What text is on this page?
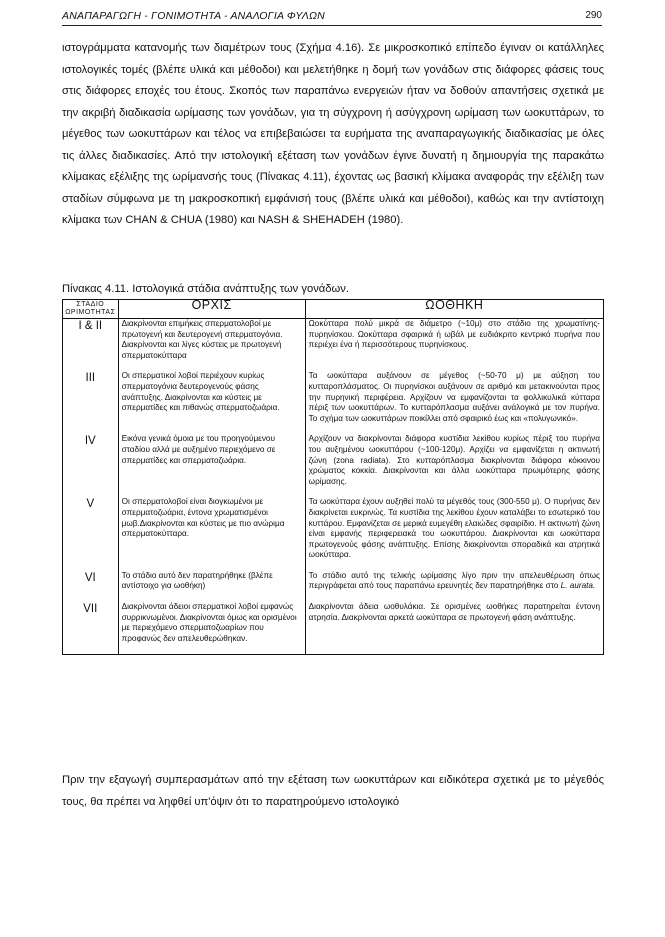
ΑΝΑΠΑΡΑΓΩΓΗ - ΓΟΝΙΜΟΤΗΤΑ - ΑΝΑΛΟΓΙΑ ΦΥΛΩΝ	290
ιστογράμματα κατανομής των διαμέτρων τους (Σχήμα 4.16). Σε μικροσκοπικό επίπεδο έγιναν οι κατάλληλες ιστολογικές τομές (βλέπε υλικά και μέθοδοι) και μελετήθηκε η δομή των γονάδων στις διάφορες φάσεις τους στις διάφορες εποχές του έτους. Σκοπός των παραπάνω ενεργειών ήταν να δοθούν απαντήσεις σχετικά με την ακριβή διαδικασία ωρίμασης των γονάδων, για τη σύγχρονη ή ασύγχρονη ωρίμαση των ωοκυττάρων, το μέγεθος των ωοκυττάρων και τέλος να επιβεβαιώσει τα ευρήματα της αναπαραγωγικής διαδικασίας με όλες τις άλλες διαδικασίες. Από την ιστολογική εξέταση των γονάδων έγινε δυνατή η δημιουργία της παρακάτω κλίμακας εξέλιξης της ωρίμανσής τους (Πίνακας 4.11), έχοντας ως βασική κλίμακα αναφοράς την εξέλιξη των σταδίων σύμφωνα με τη μακροσκοπική εμφάνισή τους (βλέπε υλικά και μέθοδοι), καθώς και την αντίστοιχη κλίμακα των CHAN & CHUA (1980) και NASH & SHEHADEH (1980).
Πίνακας 4.11. Ιστολογικά στάδια ανάπτυξης των γονάδων.
ΣΤΑΔΙΟ ΩΡΙΜΟΤΗΤΑΣ	ΟΡΧΙΣ	ΩΟΘΗΚΗ
I & II	Διακρίνονται επιμήκεις σπερματολοβοί με πρωτογενή και δευτερογενή σπερματογόνια. Διακρίνονται και λίγες κύστεις με πρωτογενή σπερματοκύτταρα	Ωοκύτταρα πολύ μικρά σε διάμετρο (~10μ) στο στάδιο της χρωματίνης-πυρηνίσκου. Ωοκύτταρα σφαιρικά ή ωβάλ με ευδιάκριτο κεντρικό πυρήνα που περιέχει ένα ή περισσότερους πυρηνίσκους.

III	Οι σπερματικοί λοβοί περιέχουν κυρίως σπερματογόνια δευτερογενούς φάσης ανάπτυξης. Διακρίνονται και κύστεις με σπερματίδες και πιθανώς σπερματοζωάρια.	Τα ωοκύτταρα αυξάνουν σε μέγεθος (~50-70 μ) με αύξηση του κυτταροπλάσματος. Οι πυρηνίσκοι αυξάνουν σε αριθμό και μετακινούνται προς την πυρηνική περιφέρεια. Αρχίζουν να εμφανίζονται τα φολλικυλικά κύτταρα πέριξ των ωοκυττάρων. Το κυτταρόπλασμα αυξάνει ανάλογικά με τον πυρήνα. Το σχήμα των ωοκυττάρων ποικίλλει από σφαιρικό έως και «πολυγωνικό».

IV	Εικόνα γενικά όμοια με του προηγούμενου σταδίου αλλά με αυξημένο περιεχόμενο σε σπερματίδες και σπερματοζωάρια.	Αρχίζουν να διακρίνονται διάφορα κυστίδια λεκίθου κυρίως πέριξ του πυρήνα του αυξημένου ωοκυττάρου (~100-120μ). Αρχίζει να εμφανίζεται η ακτινωτή ζώνη (zona radiata). Στο κυτταρόπλασμα διακρίνονται διάφορα κόκκινου χρώματος κοκκία. Διακρίνονται και άλλα ωοκύτταρα πρωιμότερης φάσης ωρίμασης.

V	Οι σπερματολοβοί είναι διογκωμένοι με σπερματοζωάρια, έντονα χρωματισμένοι μωβ.Διακρίνονται και κύστεις με πιο ανώριμα σπερματοκύτταρα.	Τα ωοκύτταρα έχουν αυξηθεί πολύ τα μέγεθός τους (300-550 μ). Ο πυρήνας δεν διακρίνεται ευκρινώς. Τα κυστίδια της λεκίθου έχουν καταλάβει το εσωτερικό του κυττάρου. Εμφανίζεται σε μερικά ευμεγέθη ελαιώδες σφαιρίδιο. Η ακτινωτή ζώνη είναι εμφανής περιφερειακά του ωοκυττάρου. Διακρίνονται και ωοκύτταρα πρωτογενούς φάσης ανάπτυξης. Επίσης διακρίνονται σποραδικά και ατρητικά ωοκύτταρα.

VI	Το στάδιο αυτό δεν παρατηρήθηκε (βλέπε αντίστοιχο για ωοθήκη)	Το στάδιο αυτό της τελικής ωρίμασης λίγο πριν την απελευθέρωση όπως περιγράφεται από τους παραπάνω ερευνητές δεν παρατηρήθηκε στο L. aurata.

VII	Διακρίνονται άδειοι σπερματικοί λοβοί εμφανώς συρρικνωμένοι. Διακρίνονται όμως και ορισμένοι με περιεχόμενο σπερματοζωαρίων που προφανώς δεν απελευθερώθηκαν.	Διακρίνονται άδεια ωοθυλάκια. Σε ορισμένες ωοθήκες παρατηρείται έντονη ατρησία. Διακρίνονται αρκετά ωοκύτταρα σε πρωτογενή φάση ανάπτυξης.

Πριν την εξαγωγή συμπερασμάτων από την εξέταση των ωοκυττάρων και ειδικότερα σχετικά με το μέγεθός τους, θα πρέπει να ληφθεί υπ'όψιν ότι το παρατηρούμενο ιστολογικό
